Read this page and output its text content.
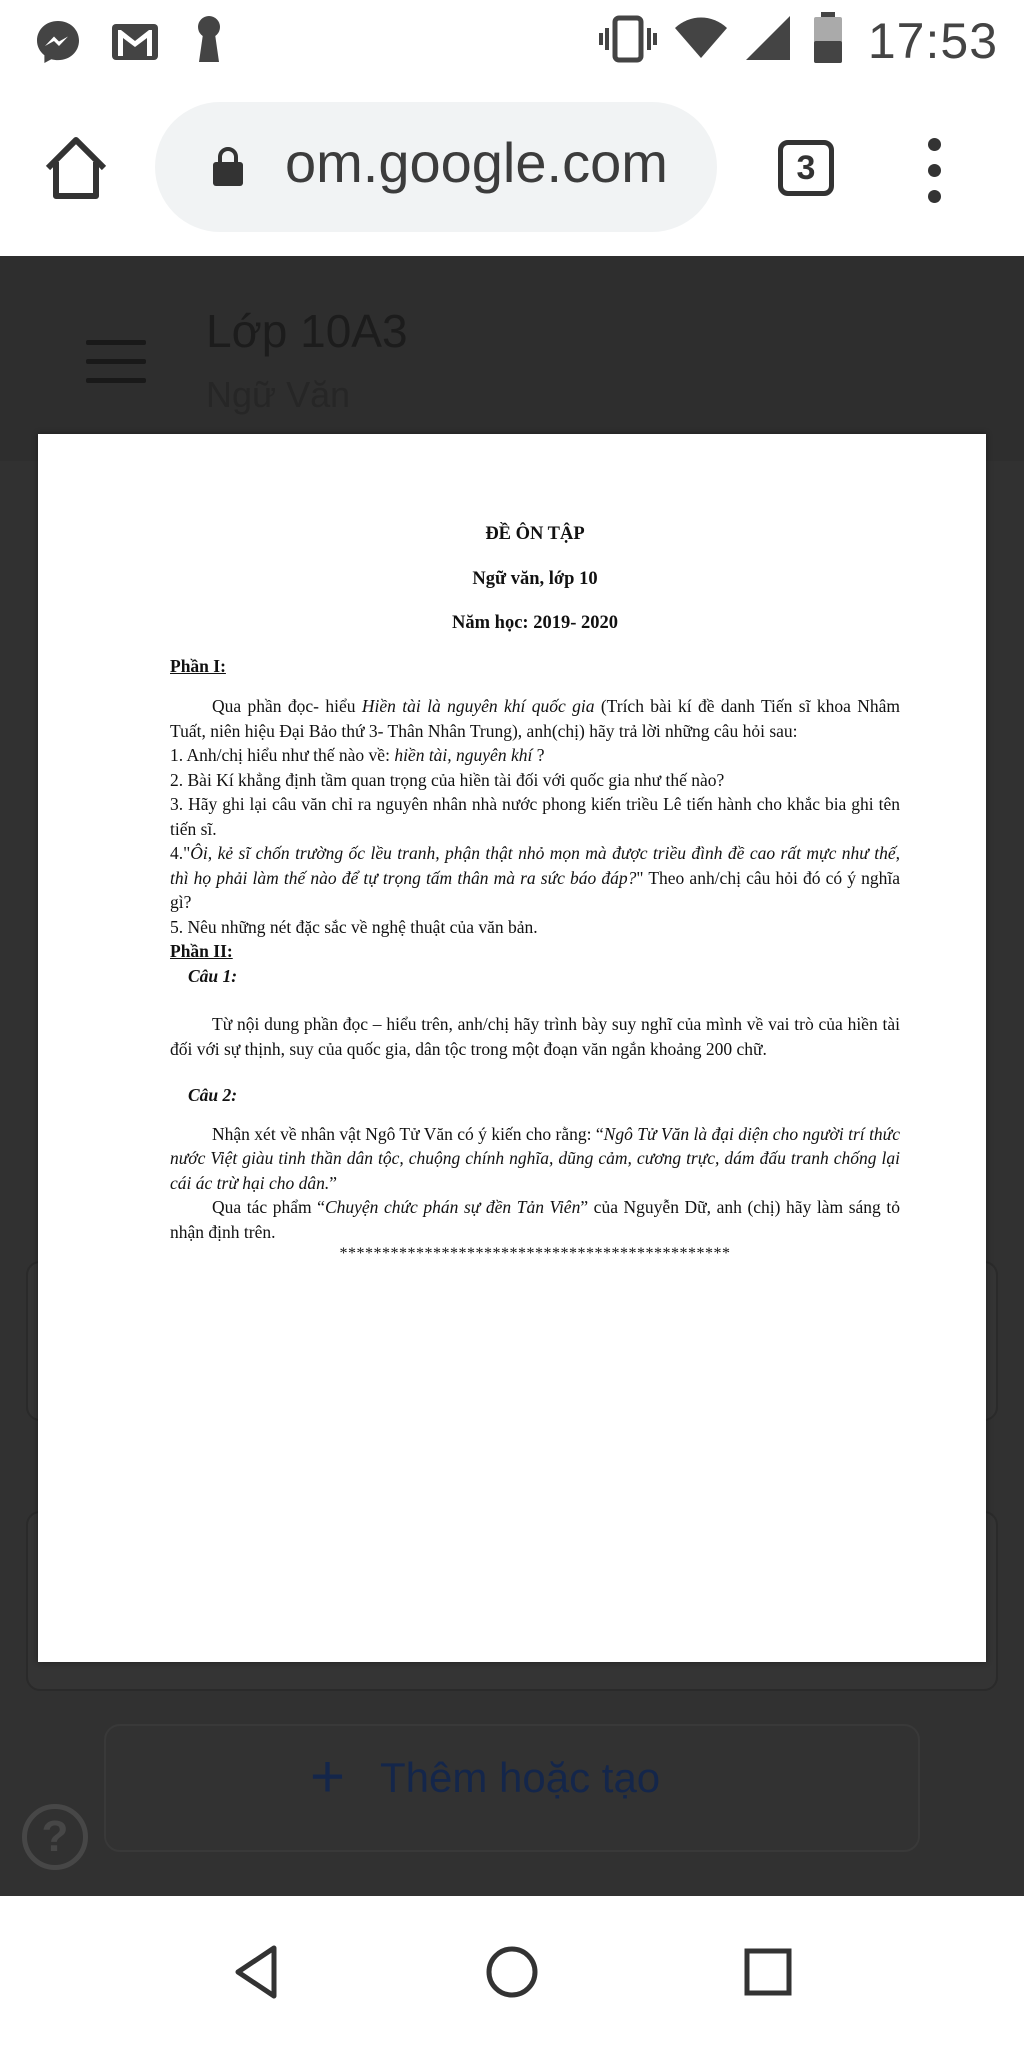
17:53
om.google.com	3
Lớp 10A3
Ngữ Văn
+ Thêm hoặc tạo
?
ĐỀ ÔN TẬP
Ngữ văn, lớp 10
Năm học: 2019- 2020
Phần I:
Qua phần đọc- hiểu Hiền tài là nguyên khí quốc gia (Trích bài kí đề danh Tiến sĩ khoa Nhâm Tuất, niên hiệu Đại Bảo thứ 3- Thân Nhân Trung), anh(chị) hãy trả lời những câu hỏi sau:
1. Anh/chị hiểu như thế nào về: hiền tài, nguyên khí ?
2. Bài Kí khẳng định tầm quan trọng của hiền tài đối với quốc gia như thế nào?
3. Hãy ghi lại câu văn chỉ ra nguyên nhân nhà nước phong kiến triều Lê tiến hành cho khắc bia ghi tên tiến sĩ.
4."Ôi, kẻ sĩ chốn trường ốc lều tranh, phận thật nhỏ mọn mà được triều đình đề cao rất mực như thế, thì họ phải làm thế nào để tự trọng tấm thân mà ra sức báo đáp?" Theo anh/chị câu hỏi đó có ý nghĩa gì?
5. Nêu những nét đặc sắc về nghệ thuật của văn bản.
Phần II:
Câu 1:
Từ nội dung phần đọc – hiểu trên, anh/chị hãy trình bày suy nghĩ của mình về vai trò của hiền tài đối với sự thịnh, suy của quốc gia, dân tộc trong một đoạn văn ngắn khoảng 200 chữ.
Câu 2:
Nhận xét về nhân vật Ngô Tử Văn có ý kiến cho rằng: “Ngô Tử Văn là đại diện cho người trí thức nước Việt giàu tinh thần dân tộc, chuộng chính nghĩa, dũng cảm, cương trực, dám đấu tranh chống lại cái ác trừ hại cho dân.”
Qua tác phẩm “Chuyện chức phán sự đền Tản Viên” của Nguyễn Dữ, anh (chị) hãy làm sáng tỏ nhận định trên.
**********************************************
